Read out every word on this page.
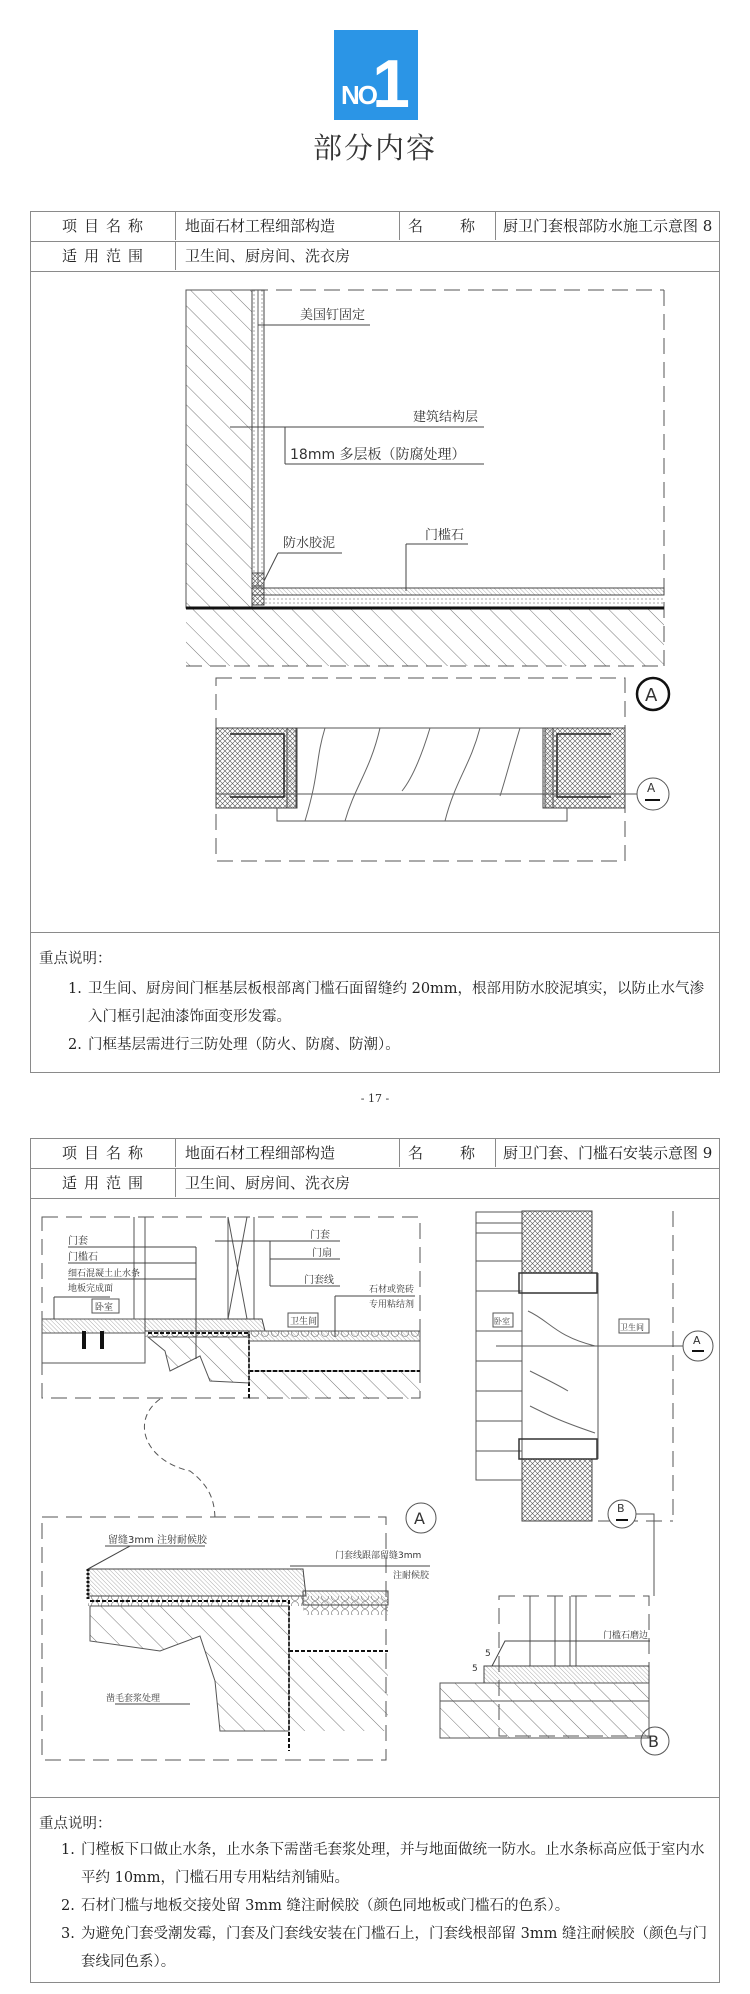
NO.
1
部分内容
项目名称	地面石材工程细部构造	名 称	厨卫门套根部防水施工示意图 8
适用范围	卫生间、厨房间、洗衣房
美国钉固定
建筑结构层
18mm 多层板（防腐处理）
防水胶泥
门槛石
A
A
重点说明：
1. 卫生间、厨房间门框基层板根部离门槛石面留缝约 20mm，根部用防水胶泥填实，以防止水气渗入门框引起油漆饰面变形发霉。
2. 门框基层需进行三防处理（防火、防腐、防潮）。
- 17 -
项目名称	地面石材工程细部构造	名 称	厨卫门套、门槛石安装示意图 9
适用范围	卫生间、厨房间、洗衣房
门套
门槛石
细石混凝土止水条
地板完成面
卧室
门套
门扇
门套线
石材或瓷砖
专用粘结剂
卫生间
A
留缝3mm 注射耐候胶
门套线跟部留缝3mm
注耐候胶
凿毛套浆处理
卧室
卫生间
A
B
门槛石磨边
5
5
B
重点说明：
1. 门樘板下口做止水条，止水条下需凿毛套浆处理，并与地面做统一防水。止水条标高应低于室内水平约 10mm，门槛石用专用粘结剂铺贴。
2. 石材门槛与地板交接处留 3mm 缝注耐候胶（颜色同地板或门槛石的色系）。
3. 为避免门套受潮发霉，门套及门套线安装在门槛石上，门套线根部留 3mm 缝注耐候胶（颜色与门套线同色系）。
